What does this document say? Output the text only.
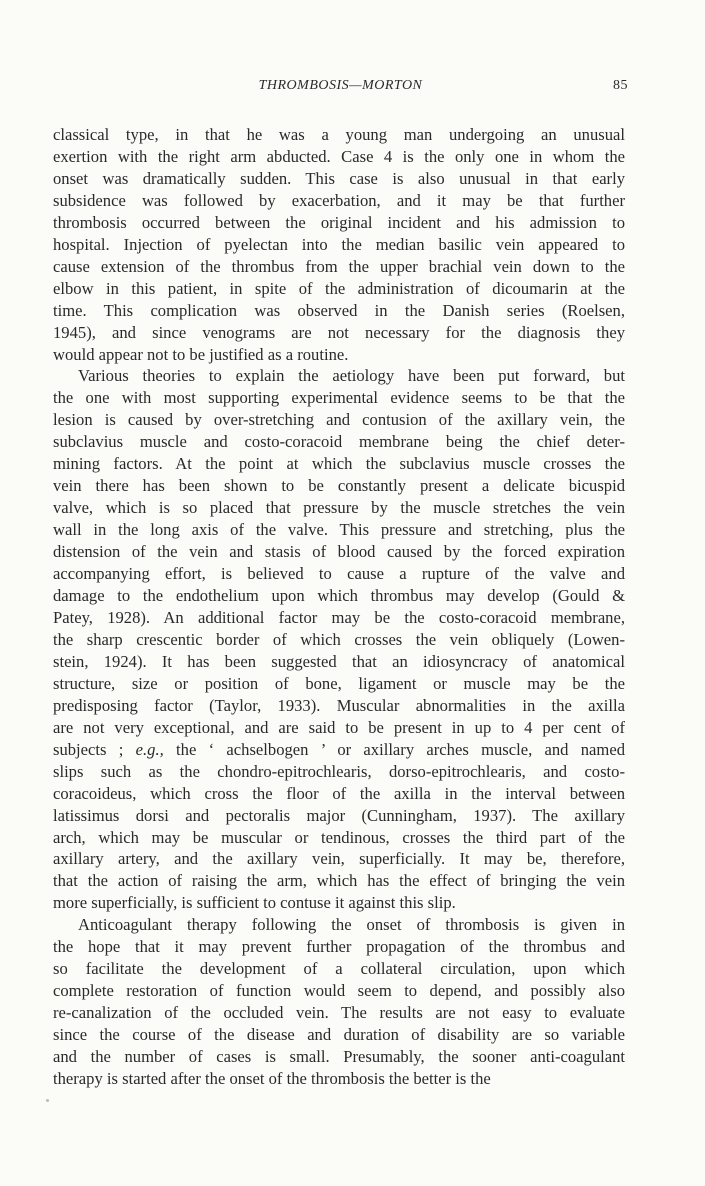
THROMBOSIS—MORTON	85

classical type, in that he was a young man undergoing an unusual
exertion with the right arm abducted. Case 4 is the only one in whom the
onset was dramatically sudden. This case is also unusual in that early
subsidence was followed by exacerbation, and it may be that further
thrombosis occurred between the original incident and his admission to
hospital. Injection of pyelectan into the median basilic vein appeared to
cause extension of the thrombus from the upper brachial vein down to the
elbow in this patient, in spite of the administration of dicoumarin at the
time. This complication was observed in the Danish series (Roelsen,
1945), and since venograms are not necessary for the diagnosis they
would appear not to be justified as a routine.

Various theories to explain the aetiology have been put forward, but
the one with most supporting experimental evidence seems to be that the
lesion is caused by over-stretching and contusion of the axillary vein, the
subclavius muscle and costo-coracoid membrane being the chief deter-
mining factors. At the point at which the subclavius muscle crosses the
vein there has been shown to be constantly present a delicate bicuspid
valve, which is so placed that pressure by the muscle stretches the vein
wall in the long axis of the valve. This pressure and stretching, plus the
distension of the vein and stasis of blood caused by the forced expiration
accompanying effort, is believed to cause a rupture of the valve and
damage to the endothelium upon which thrombus may develop (Gould &
Patey, 1928). An additional factor may be the costo-coracoid membrane,
the sharp crescentic border of which crosses the vein obliquely (Lowen-
stein, 1924). It has been suggested that an idiosyncracy of anatomical
structure, size or position of bone, ligament or muscle may be the
predisposing factor (Taylor, 1933). Muscular abnormalities in the axilla
are not very exceptional, and are said to be present in up to 4 per cent of
subjects ; e.g., the ‘ achselbogen ’ or axillary arches muscle, and named
slips such as the chondro-epitrochlearis, dorso-epitrochlearis, and costo-
coracoideus, which cross the floor of the axilla in the interval between
latissimus dorsi and pectoralis major (Cunningham, 1937). The axillary
arch, which may be muscular or tendinous, crosses the third part of the
axillary artery, and the axillary vein, superficially. It may be, therefore,
that the action of raising the arm, which has the effect of bringing the vein
more superficially, is sufficient to contuse it against this slip.

Anticoagulant therapy following the onset of thrombosis is given in
the hope that it may prevent further propagation of the thrombus and
so facilitate the development of a collateral circulation, upon which
complete restoration of function would seem to depend, and possibly also
re-canalization of the occluded vein. The results are not easy to evaluate
since the course of the disease and duration of disability are so variable
and the number of cases is small. Presumably, the sooner anti-coagulant
therapy is started after the onset of the thrombosis the better is the
